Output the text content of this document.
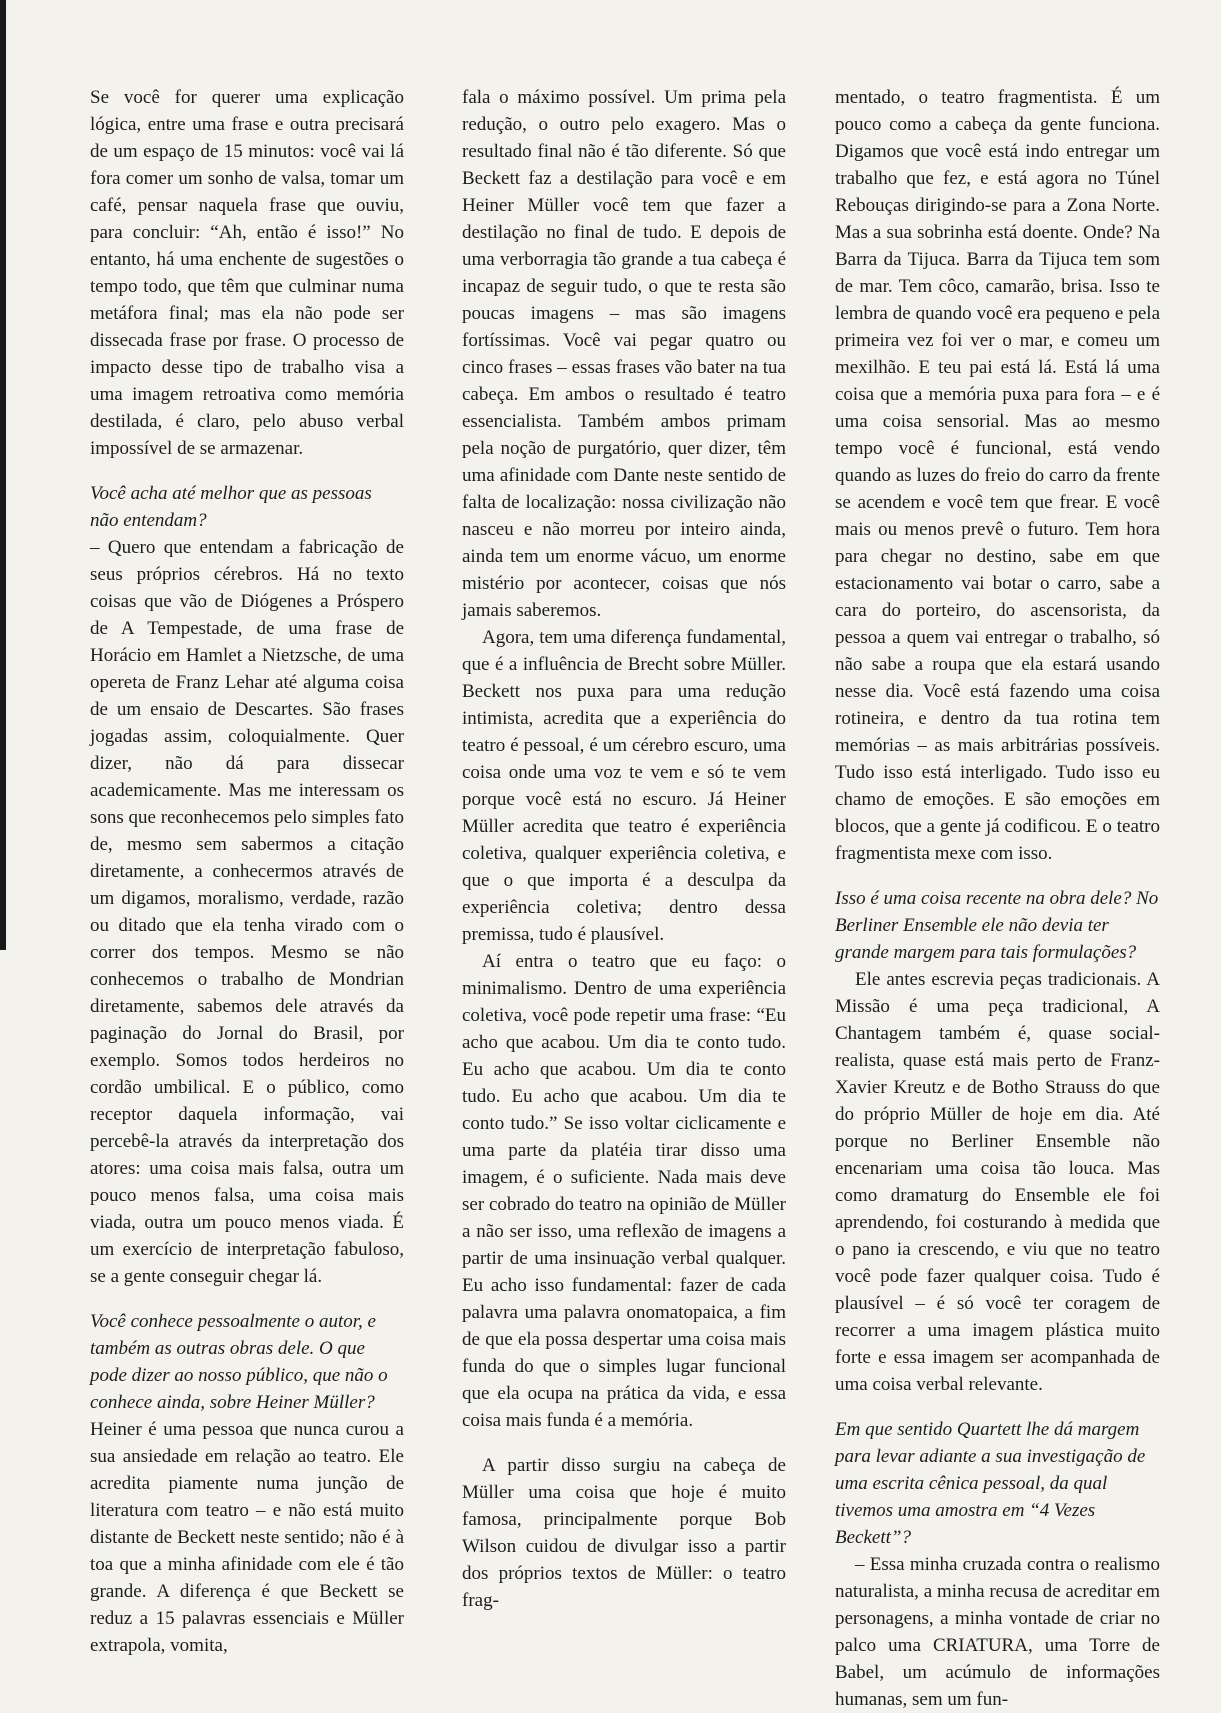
Se você for querer uma explicação lógica, entre uma frase e outra precisará de um espaço de 15 minutos: você vai lá fora comer um sonho de valsa, tomar um café, pensar naquela frase que ouviu, para concluir: “Ah, então é isso!” No entanto, há uma enchente de sugestões o tempo todo, que têm que culminar numa metáfora final; mas ela não pode ser dissecada frase por frase. O processo de impacto desse tipo de trabalho visa a uma imagem retroativa como memória destilada, é claro, pelo abuso verbal impossível de se armazenar.

Você acha até melhor que as pessoas não entendam?

– Quero que entendam a fabricação de seus próprios cérebros. Há no texto coisas que vão de Diógenes a Próspero de A Tempestade, de uma frase de Horácio em Hamlet a Nietzsche, de uma opereta de Franz Lehar até alguma coisa de um ensaio de Descartes. São frases jogadas assim, coloquialmente. Quer dizer, não dá para dissecar academicamente. Mas me interessam os sons que reconhecemos pelo simples fato de, mesmo sem sabermos a citação diretamente, a conhecermos através de um digamos, moralismo, verdade, razão ou ditado que ela tenha virado com o correr dos tempos. Mesmo se não conhecemos o trabalho de Mondrian diretamente, sabemos dele através da paginação do Jornal do Brasil, por exemplo. Somos todos herdeiros no cordão umbilical. E o público, como receptor daquela informação, vai percebê-la através da interpretação dos atores: uma coisa mais falsa, outra um pouco menos falsa, uma coisa mais viada, outra um pouco menos viada. É um exercício de interpretação fabuloso, se a gente conseguir chegar lá.

Você conhece pessoalmente o autor, e também as outras obras dele. O que pode dizer ao nosso público, que não o conhece ainda, sobre Heiner Müller?

Heiner é uma pessoa que nunca curou a sua ansiedade em relação ao teatro. Ele acredita piamente numa junção de literatura com teatro – e não está muito distante de Beckett neste sentido; não é à toa que a minha afinidade com ele é tão grande. A diferença é que Beckett se reduz a 15 palavras essenciais e Müller extrapola, vomita,

fala o máximo possível. Um prima pela redução, o outro pelo exagero. Mas o resultado final não é tão diferente. Só que Beckett faz a destilação para você e em Heiner Müller você tem que fazer a destilação no final de tudo. E depois de uma verborragia tão grande a tua cabeça é incapaz de seguir tudo, o que te resta são poucas imagens – mas são imagens fortíssimas. Você vai pegar quatro ou cinco frases – essas frases vão bater na tua cabeça. Em ambos o resultado é teatro essencialista. Também ambos primam pela noção de purgatório, quer dizer, têm uma afinidade com Dante neste sentido de falta de localização: nossa civilização não nasceu e não morreu por inteiro ainda, ainda tem um enorme vácuo, um enorme mistério por acontecer, coisas que nós jamais saberemos.

Agora, tem uma diferença fundamental, que é a influência de Brecht sobre Müller. Beckett nos puxa para uma redução intimista, acredita que a experiência do teatro é pessoal, é um cérebro escuro, uma coisa onde uma voz te vem e só te vem porque você está no escuro. Já Heiner Müller acredita que teatro é experiência coletiva, qualquer experiência coletiva, e que o que importa é a desculpa da experiência coletiva; dentro dessa premissa, tudo é plausível.

Aí entra o teatro que eu faço: o minimalismo. Dentro de uma experiência coletiva, você pode repetir uma frase: “Eu acho que acabou. Um dia te conto tudo. Eu acho que acabou. Um dia te conto tudo. Eu acho que acabou. Um dia te conto tudo.” Se isso voltar ciclicamente e uma parte da platéia tirar disso uma imagem, é o suficiente. Nada mais deve ser cobrado do teatro na opinião de Müller a não ser isso, uma reflexão de imagens a partir de uma insinuação verbal qualquer. Eu acho isso fundamental: fazer de cada palavra uma palavra onomatopaica, a fim de que ela possa despertar uma coisa mais funda do que o simples lugar funcional que ela ocupa na prática da vida, e essa coisa mais funda é a memória.

A partir disso surgiu na cabeça de Müller uma coisa que hoje é muito famosa, principalmente porque Bob Wilson cuidou de divulgar isso a partir dos próprios textos de Müller: o teatro frag-

mentado, o teatro fragmentista. É um pouco como a cabeça da gente funciona. Digamos que você está indo entregar um trabalho que fez, e está agora no Túnel Rebouças dirigindo-se para a Zona Norte. Mas a sua sobrinha está doente. Onde? Na Barra da Tijuca. Barra da Tijuca tem som de mar. Tem côco, camarão, brisa. Isso te lembra de quando você era pequeno e pela primeira vez foi ver o mar, e comeu um mexilhão. E teu pai está lá. Está lá uma coisa que a memória puxa para fora – e é uma coisa sensorial. Mas ao mesmo tempo você é funcional, está vendo quando as luzes do freio do carro da frente se acendem e você tem que frear. E você mais ou menos prevê o futuro. Tem hora para chegar no destino, sabe em que estacionamento vai botar o carro, sabe a cara do porteiro, do ascensorista, da pessoa a quem vai entregar o trabalho, só não sabe a roupa que ela estará usando nesse dia. Você está fazendo uma coisa rotineira, e dentro da tua rotina tem memórias – as mais arbitrárias possíveis. Tudo isso está interligado. Tudo isso eu chamo de emoções. E são emoções em blocos, que a gente já codificou. E o teatro fragmentista mexe com isso.

Isso é uma coisa recente na obra dele? No Berliner Ensemble ele não devia ter grande margem para tais formulações?

Ele antes escrevia peças tradicionais. A Missão é uma peça tradicional, A Chantagem também é, quase social-realista, quase está mais perto de Franz-Xavier Kreutz e de Botho Strauss do que do próprio Müller de hoje em dia. Até porque no Berliner Ensemble não encenariam uma coisa tão louca. Mas como dramaturg do Ensemble ele foi aprendendo, foi costurando à medida que o pano ia crescendo, e viu que no teatro você pode fazer qualquer coisa. Tudo é plausível – é só você ter coragem de recorrer a uma imagem plástica muito forte e essa imagem ser acompanhada de uma coisa verbal relevante.

Em que sentido Quartett lhe dá margem para levar adiante a sua investigação de uma escrita cênica pessoal, da qual tivemos uma amostra em “4 Vezes Beckett”?

– Essa minha cruzada contra o realismo naturalista, a minha recusa de acreditar em personagens, a minha vontade de criar no palco uma CRIATURA, uma Torre de Babel, um acúmulo de informações humanas, sem um fun-
